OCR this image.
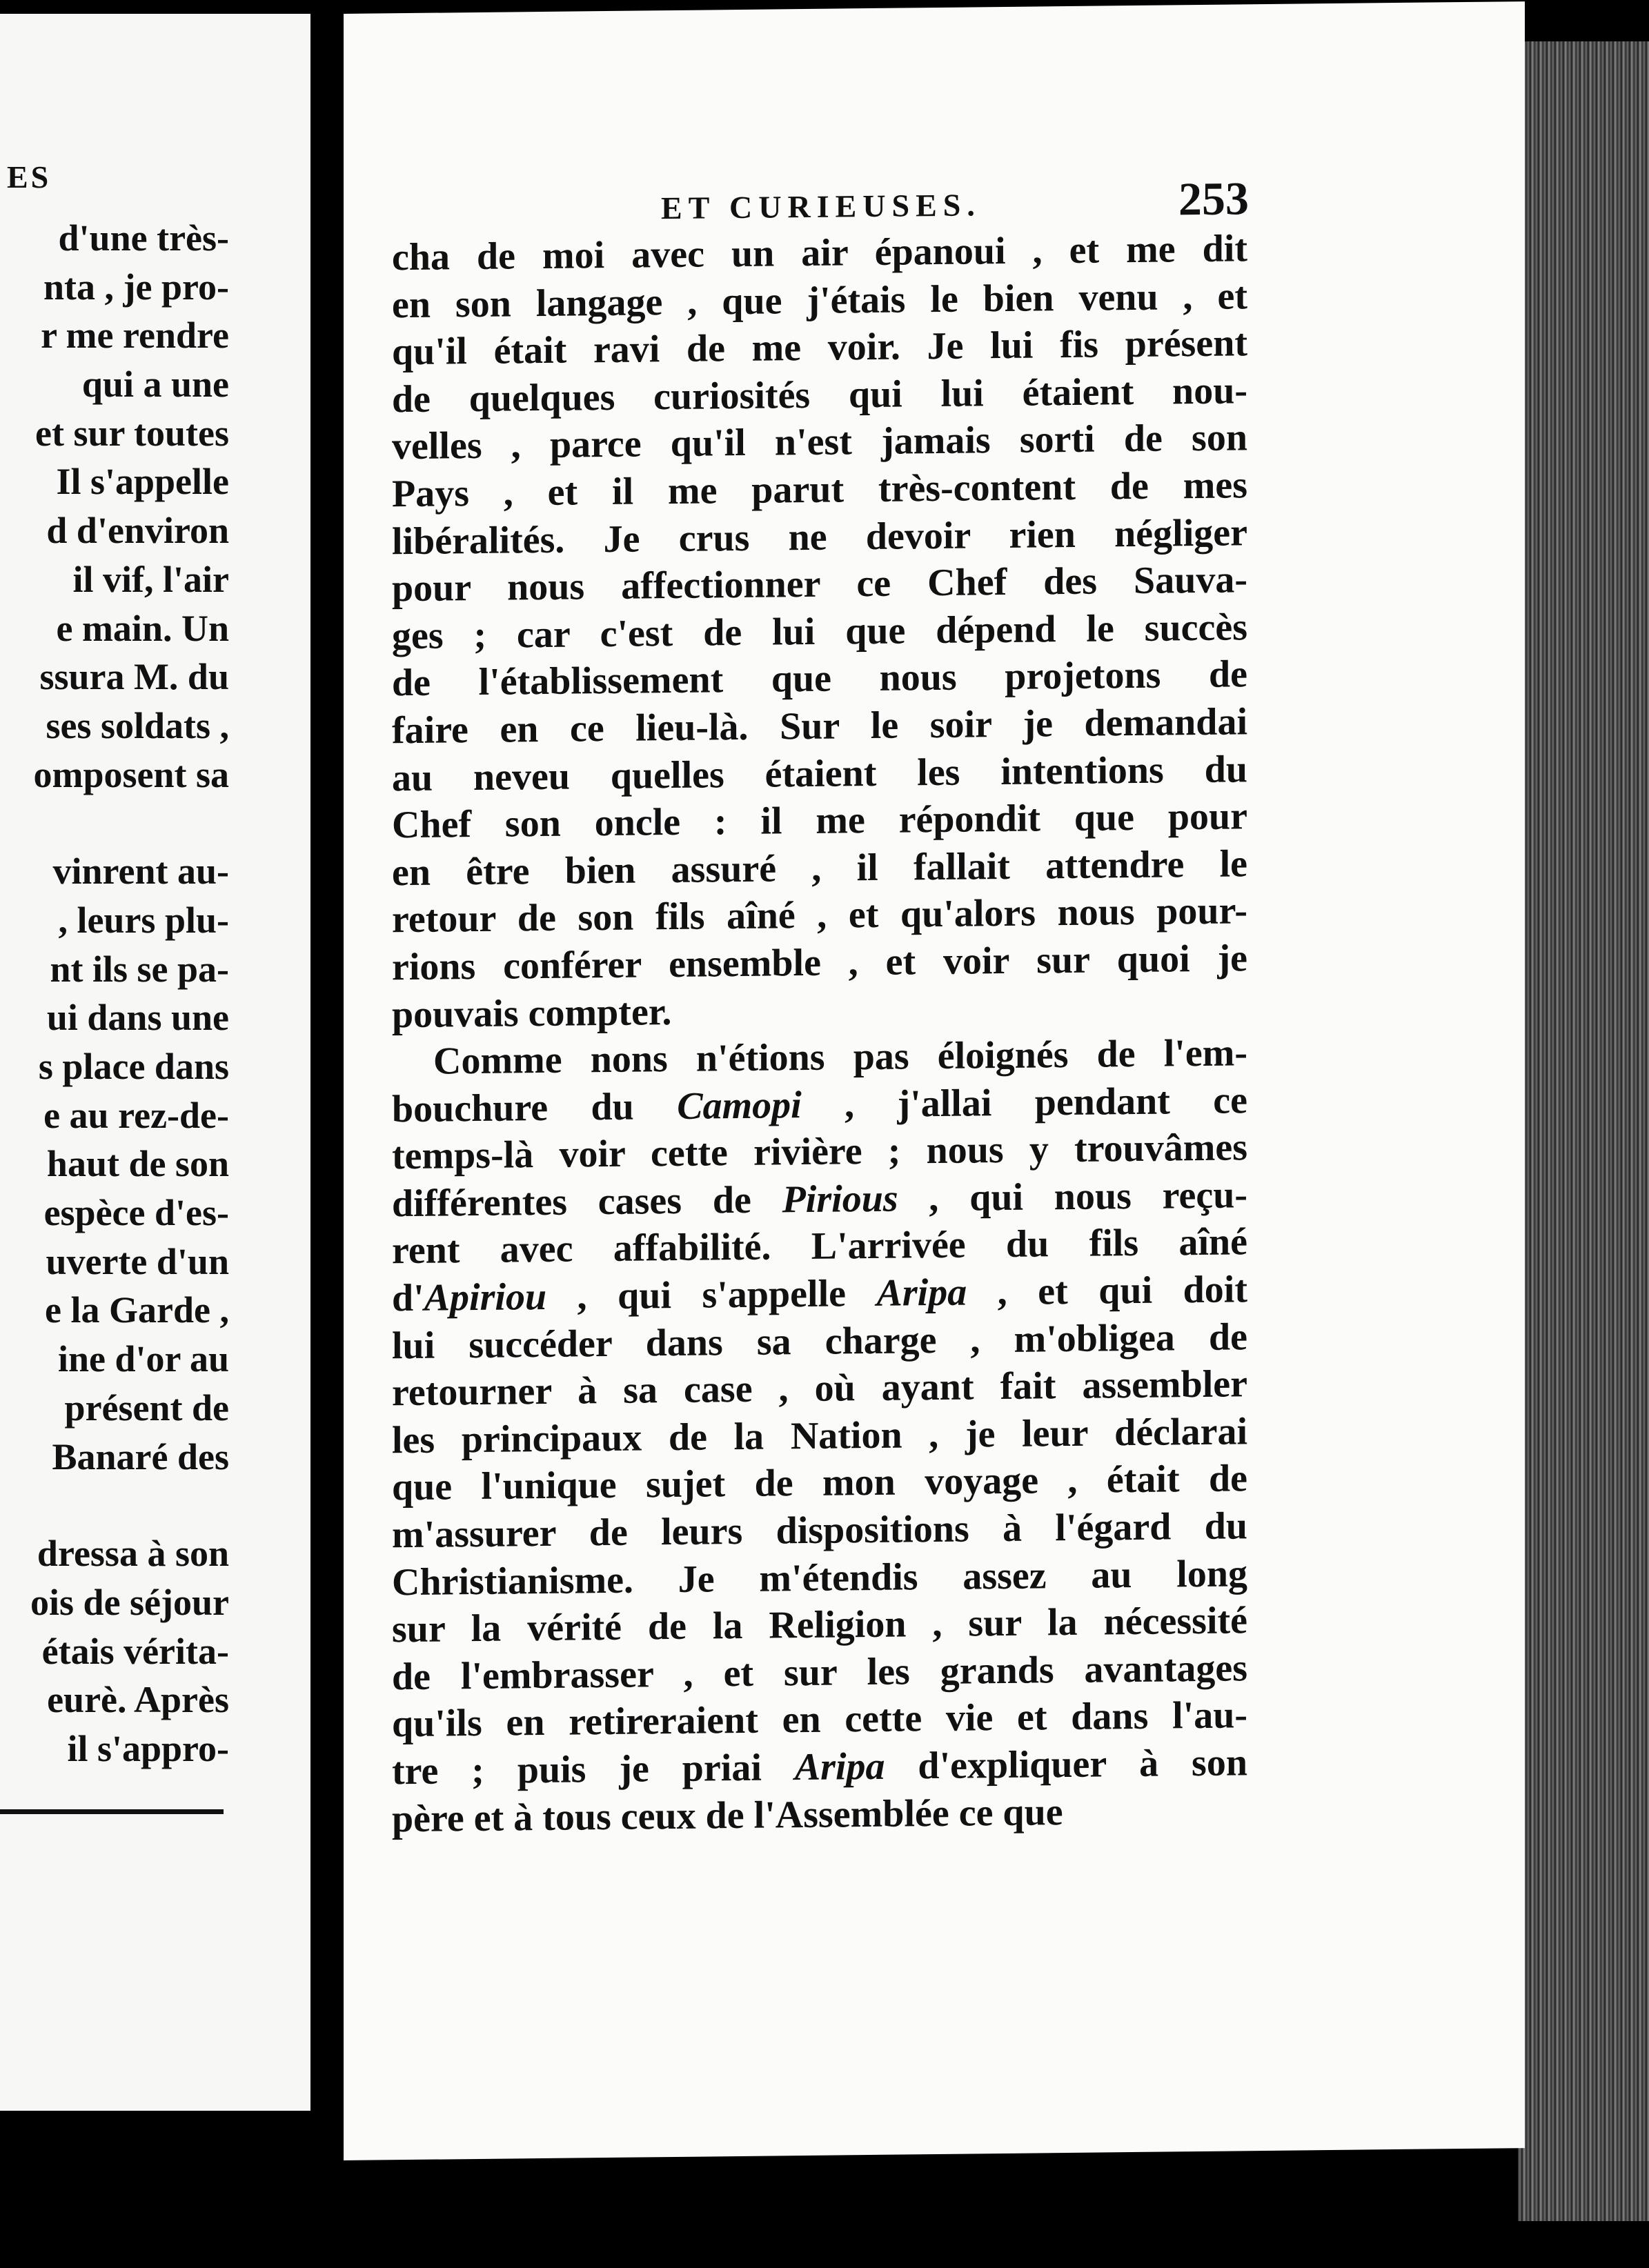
ES
d'une très-
nta , je pro-
r me rendre
qui a une
et sur toutes
Il s'appelle
d d'environ
il vif, l'air
e main. Un
ssura M. du
ses soldats ,
omposent sa
vinrent au-
, leurs plu-
nt ils se pa-
ui dans une
s place dans
e au rez-de-
haut de son
espèce d'es-
uverte d'un
e la Garde ,
ine d'or au
présent de
Banaré des
dressa à son
ois de séjour
étais vérita-
eurè. Après
il s'appro-
ET CURIEUSES.	253
cha de moi avec un air épanoui , et me dit
en son langage , que j'étais le bien venu , et
qu'il était ravi de me voir. Je lui fis présent
de quelques curiosités qui lui étaient nou-
velles , parce qu'il n'est jamais sorti de son
Pays , et il me parut très-content de mes
libéralités. Je crus ne devoir rien négliger
pour nous affectionner ce Chef des Sauva-
ges ; car c'est de lui que dépend le succès
de l'établissement que nous projetons de
faire en ce lieu-là. Sur le soir je demandai
au neveu quelles étaient les intentions du
Chef son oncle : il me répondit que pour
en être bien assuré , il fallait attendre le
retour de son fils aîné , et qu'alors nous pour-
rions conférer ensemble , et voir sur quoi je
pouvais compter.
Comme nons n'étions pas éloignés de l'em-
bouchure du Camopi , j'allai pendant ce
temps-là voir cette rivière ; nous y trouvâmes
différentes cases de Pirious , qui nous reçu-
rent avec affabilité. L'arrivée du fils aîné
d'Apiriou , qui s'appelle Aripa , et qui doit
lui succéder dans sa charge , m'obligea de
retourner à sa case , où ayant fait assembler
les principaux de la Nation , je leur déclarai
que l'unique sujet de mon voyage , était de
m'assurer de leurs dispositions à l'égard du
Christianisme. Je m'étendis assez au long
sur la vérité de la Religion , sur la nécessité
de l'embrasser , et sur les grands avantages
qu'ils en retireraient en cette vie et dans l'au-
tre ; puis je priai Aripa d'expliquer à son
père et à tous ceux de l'Assemblée ce que
